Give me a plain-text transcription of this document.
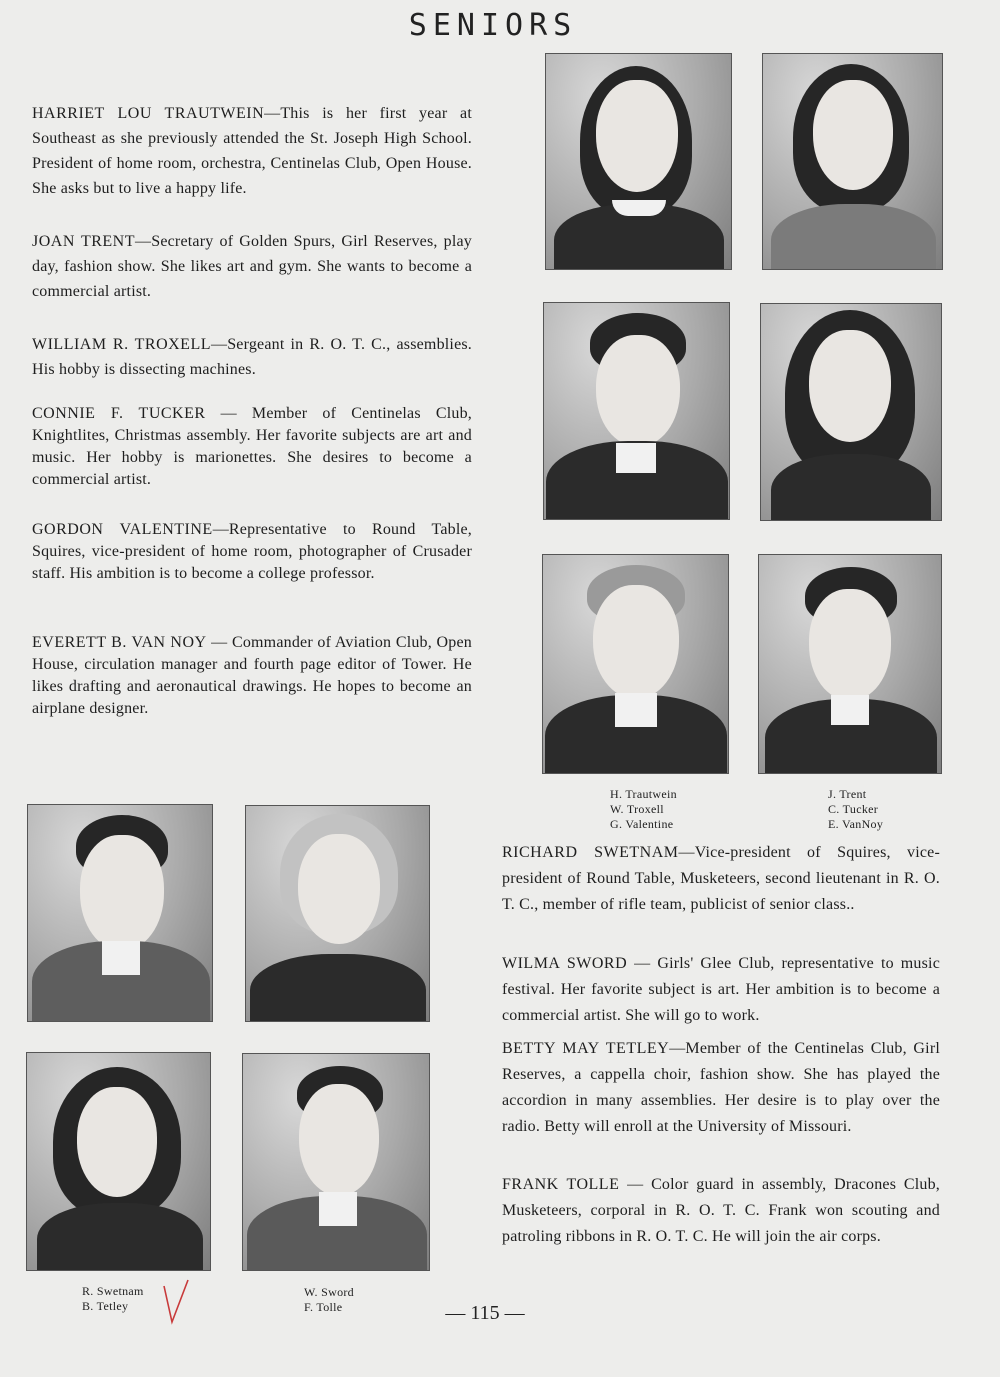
SENIORS

HARRIET LOU TRAUTWEIN—This is her first year at Southeast as she previously attended the St. Joseph High School. President of home room, orchestra, Centinelas Club, Open House. She asks but to live a happy life.

JOAN TRENT—Secretary of Golden Spurs, Girl Reserves, play day, fashion show. She likes art and gym. She wants to become a commercial artist.

WILLIAM R. TROXELL—Sergeant in R. O. T. C., assemblies. His hobby is dissecting machines.

CONNIE F. TUCKER — Member of Centinelas Club, Knightlites, Christmas assembly. Her favorite subjects are art and music. Her hobby is marionettes. She desires to become a commercial artist.

GORDON VALENTINE—Representative to Round Table, Squires, vice-president of home room, photographer of Crusader staff. His ambition is to become a college professor.

EVERETT B. VAN NOY — Commander of Aviation Club, Open House, circulation manager and fourth page editor of Tower. He likes drafting and aeronautical drawings. He hopes to become an airplane designer.

H. Trautwein
W. Troxell
G. Valentine
J. Trent
C. Tucker
E. VanNoy
R. Swetnam
B. Tetley
W. Sword
F. Tolle

RICHARD SWETNAM—Vice-president of Squires, vice-president of Round Table, Musketeers, second lieutenant in R. O. T. C., member of rifle team, publicist of senior class..

WILMA SWORD — Girls' Glee Club, representative to music festival. Her favorite subject is art. Her ambition is to become a commercial artist. She will go to work.

BETTY MAY TETLEY—Member of the Centinelas Club, Girl Reserves, a cappella choir, fashion show. She has played the accordion in many assemblies. Her desire is to play over the radio. Betty will enroll at the University of Missouri.

FRANK TOLLE — Color guard in assembly, Dracones Club, Musketeers, corporal in R. O. T. C. Frank won scouting and patroling ribbons in R. O. T. C. He will join the air corps.

— 115 —
